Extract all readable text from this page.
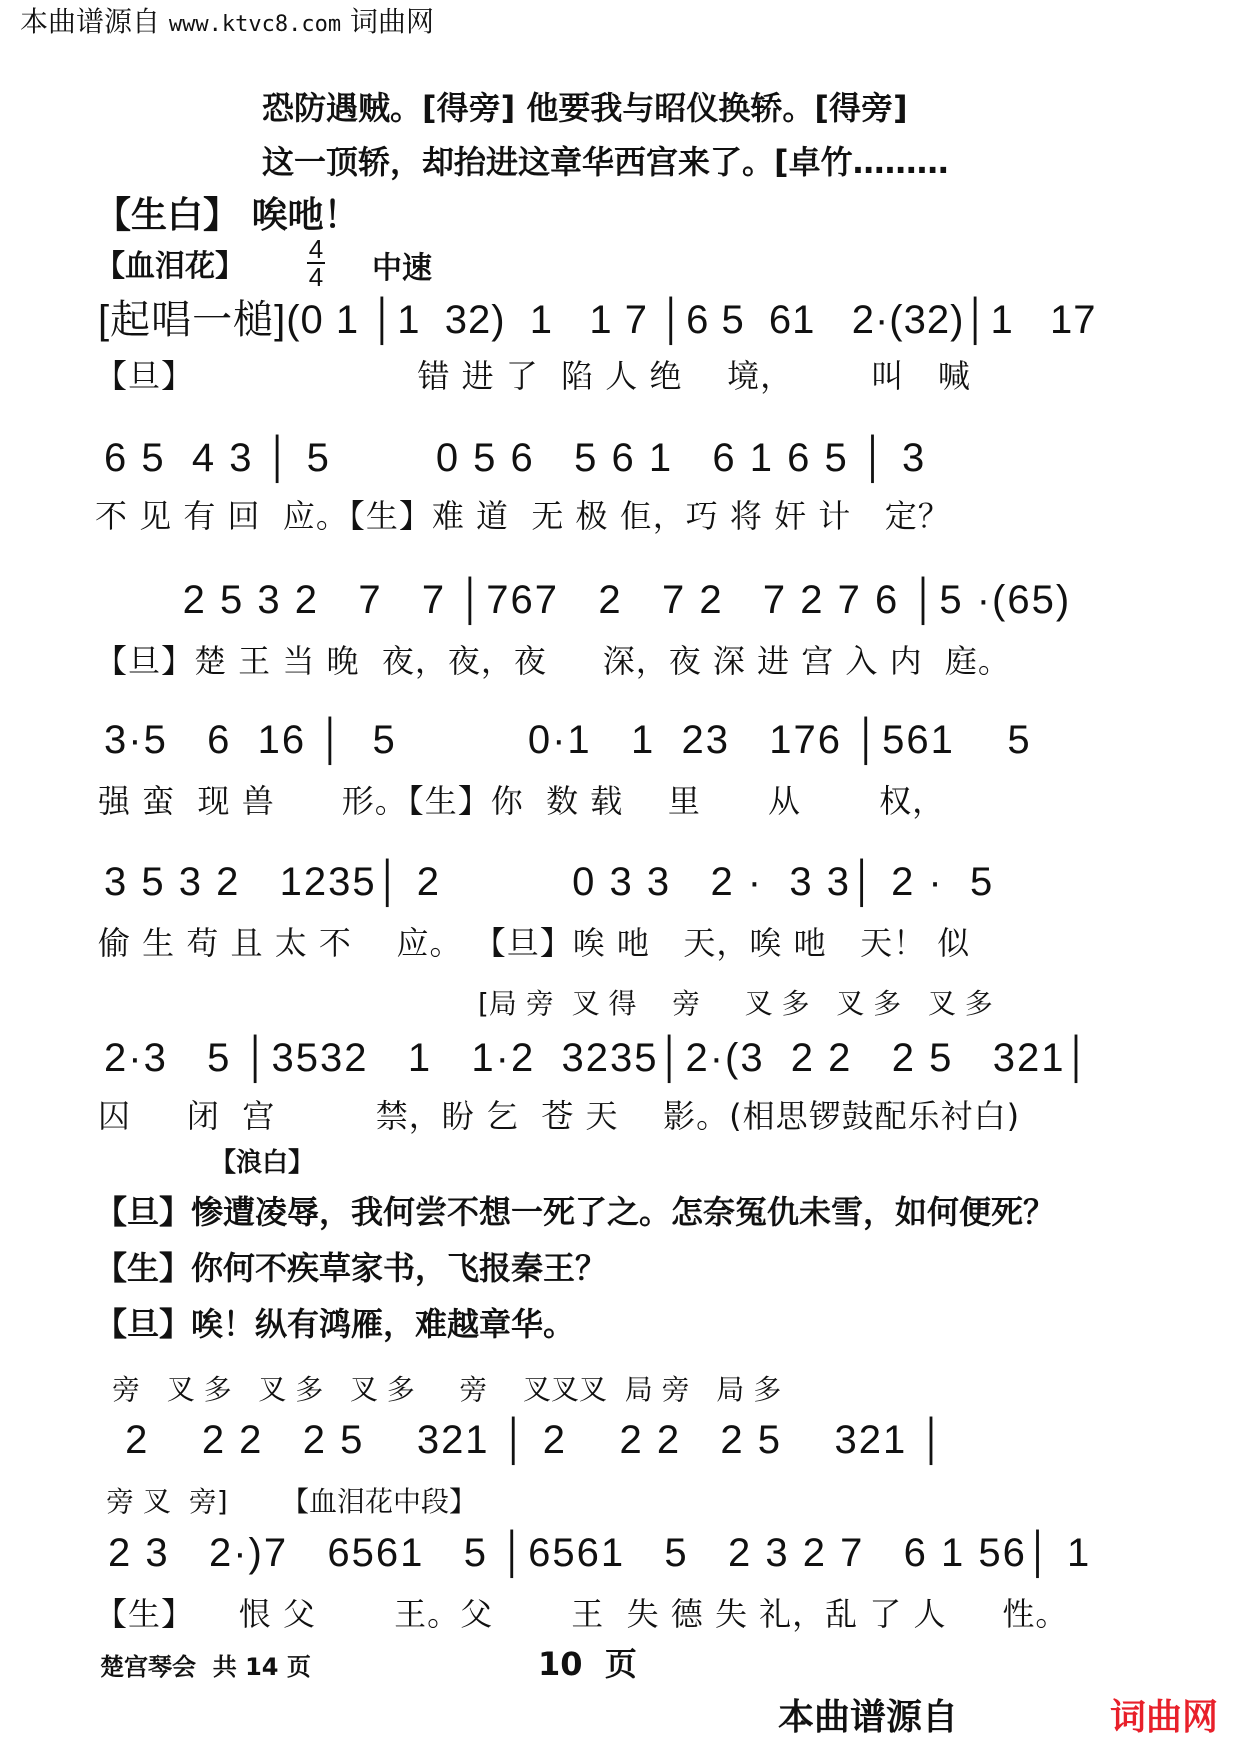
本曲谱源自 www.ktvc8.com 词曲网
恐防遇贼。[得旁] 他要我与昭仪换轿。[得旁]
这一顶轿，却抬进这章华西宫来了。[卓竹………
【生白】 唉吔！
【血泪花】 4
4 中速
[起唱一槌](0 1 │1  32)  1   1 7 │6 5  61   2·(32)│1   17
【旦】                    错 进 了  陷 人 绝    境，       叫   喊
6 5  4 3 │ 5        0 5 6   5 6 1   6 1 6 5 │ 3
不 见 有 回  应。【生】难 道  无 极 佢，巧 将 奸 计   定？
2 5 3 2   7   7 │767   2   7 2   7 2 7 6 │5 ·(65)
【旦】楚 王 当 晚  夜，夜，夜     深，夜 深 进 宫 入 内  庭。
3·5   6  16 │  5          0·1   1  23   176 │561    5
强 蛮  现 兽      形。【生】你  数 载    里      从       权，
3 5 3 2   1235│ 2          0 3 3   2 ·  3 3│ 2 ·  5
偷 生 苟 且 太 不    应。 【旦】唉 吔   天，唉 吔   天！ 似
[局 旁  叉 得    旁     叉 多   叉 多   叉 多
2·3   5 │3532   1   1·2  3235│2·(3  2 2   2 5   321│
囚     闭  宫         禁，盼 乞  苍 天    影。(相思锣鼓配乐衬白)
【浪白】
【旦】惨遭凌辱，我何尝不想一死了之。怎奈冤仇未雪，如何便死？
【生】你何不疾草家书，飞报秦王？
【旦】唉！纵有鸿雁，难越章华。
旁   叉 多   叉 多   叉 多     旁    叉叉叉  局 旁   局 多
2    2 2   2 5    321 │ 2    2 2   2 5    321 │
旁 叉  旁]      【血泪花中段】
2 3   2·)7   6561   5 │6561   5   2 3 2 7   6 1 56│ 1
【生】    恨 父       王。父       王  失 德 失 礼，乱 了 人     性。
楚宫琴会 共 14 页	10  页
本曲谱源自	词曲网
